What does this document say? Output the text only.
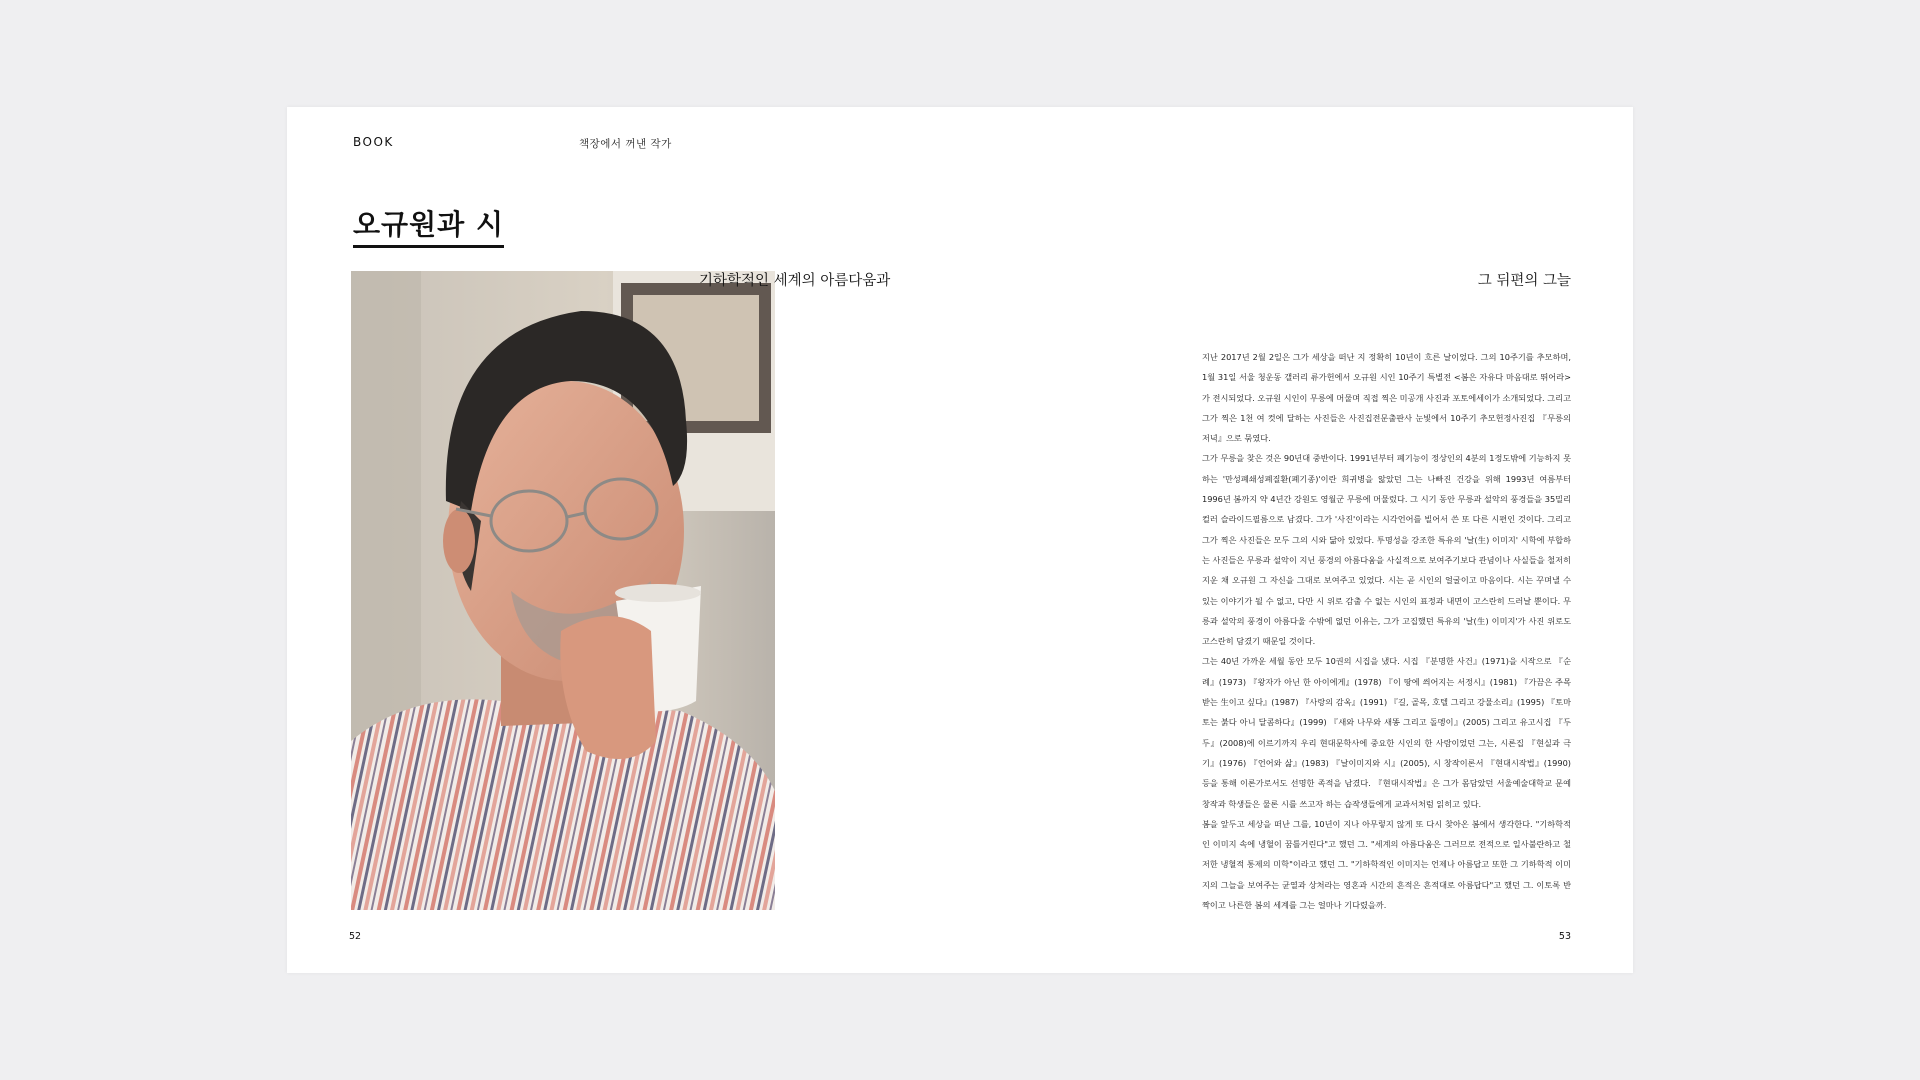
BOOK	책장에서 꺼낸 작가
오규원과 시
기하학적인 세계의 아름다움과	그 뒤편의 그늘

지난 2017년 2월 2일은 그가 세상을 떠난 지 정확히 10년이 흐른 날이었다. 그의 10주기를 추모하며, 1월 31일 서울 청운동 갤러리 류가헌에서 오규원 시인 10주기 특별전 <봄은 자유다 마음대로 뛰어라>가 전시되었다. 오규원 시인이 무릉에 머물며 직접 찍은 미공개 사진과 포토에세이가 소개되었다. 그리고 그가 찍은 1천 여 컷에 달하는 사진들은 사진집전문출판사 눈빛에서 10주기 추모헌정사진집 『무릉의 저녁』으로 묶였다.

그가 무릉을 찾은 것은 90년대 중반이다. 1991년부터 폐기능이 정상인의 4분의 1정도밖에 기능하지 못하는 '만성폐쇄성폐질환(폐기종)'이란 희귀병을 앓았던 그는 나빠진 건강을 위해 1993년 여름부터 1996년 봄까지 약 4년간 강원도 영월군 무릉에 머물렀다. 그 시기 동안 무릉과 설악의 풍경들을 35밀리 컬러 슬라이드필름으로 남겼다. 그가 '사진'이라는 시각언어를 빌어서 쓴 또 다른 시편인 것이다. 그리고 그가 찍은 사진들은 모두 그의 시와 닮아 있었다. 투명성을 강조한 특유의 '날(生) 이미지' 시학에 부합하는 사진들은 무릉과 설악이 지닌 풍경의 아름다움을 사실적으로 보여주기보다 관념이나 사실들을 철저히 지운 채 오규원 그 자신을 그대로 보여주고 있었다. 시는 곧 시인의 얼굴이고 마음이다. 시는 꾸며낼 수 있는 이야기가 될 수 없고, 다만 시 위로 감출 수 없는 시인의 표정과 내면이 고스란히 드러날 뿐이다. 무릉과 설악의 풍경이 아름다울 수밖에 없던 이유는, 그가 고집했던 특유의 '날(生) 이미지'가 사진 위로도 고스란히 담겼기 때문일 것이다.

그는 40년 가까운 세월 동안 모두 10권의 시집을 냈다. 시집 『분명한 사건』(1971)을 시작으로 『순례』(1973) 『왕자가 아닌 한 아이에게』(1978) 『이 땅에 씌어지는 서정시』(1981) 『가끔은 주목받는 生이고 싶다』(1987) 『사랑의 감옥』(1991) 『길, 골목, 호텔 그리고 강물소리』(1995) 『토마토는 붉다 아니 달콤하다』(1999) 『새와 나무와 새똥 그리고 돌멩이』(2005) 그리고 유고시집 『두두』(2008)에 이르기까지 우리 현대문학사에 중요한 시인의 한 사람이었던 그는, 시론집 『현실과 극기』(1976) 『언어와 삶』(1983) 『날이미지와 시』(2005), 시 창작이론서 『현대시작법』(1990) 등을 통해 이론가로서도 선명한 족적을 남겼다. 『현대시작법』은 그가 몸담았던 서울예술대학교 문예창작과 학생들은 물론 시를 쓰고자 하는 습작생들에게 교과서처럼 읽히고 있다.

봄을 앞두고 세상을 떠난 그를, 10년이 지나 아무렇지 않게 또 다시 찾아온 봄에서 생각한다. "기하학적인 이미지 속에 냉혈이 꿈틀거린다"고 했던 그. "세계의 아름다움은 그러므로 전적으로 일사불란하고 철저한 냉혈적 통제의 미학"이라고 했던 그. "기하학적인 이미지는 언제나 아름답고 또한 그 기하학적 이미지의 그늘을 보여주는 균열과 상처라는 영혼과 시간의 흔적은 흔적대로 아름답다"고 했던 그. 이토록 반짝이고 나른한 봄의 세계를 그는 얼마나 기다렸을까.

52	53
